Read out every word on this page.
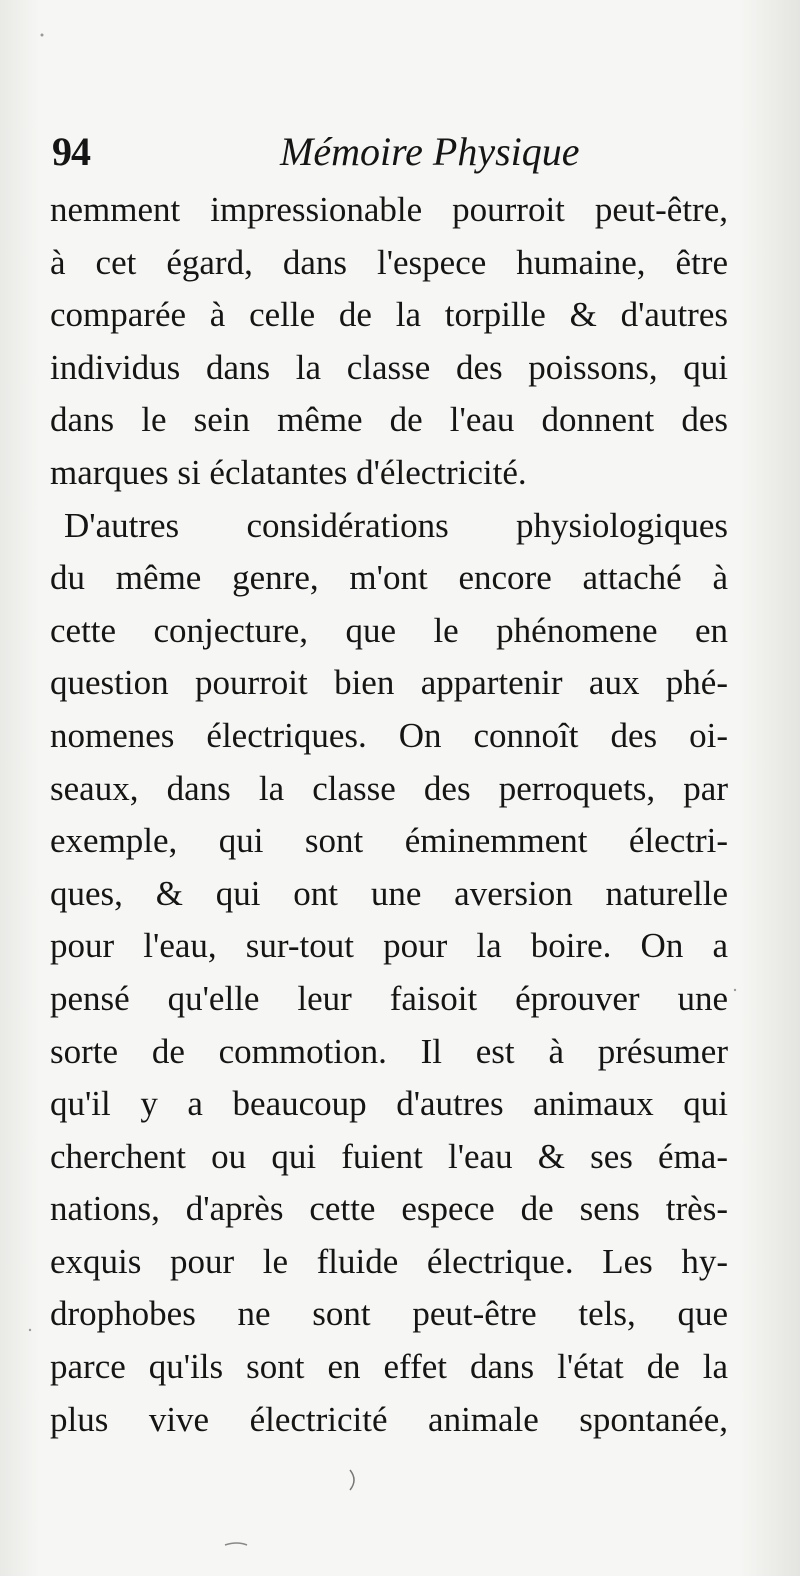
94	Mémoire Physique
nemment impressionable pourroit peut-être,
à cet égard, dans l'espece humaine, être
comparée à celle de la torpille & d'autres
individus dans la classe des poissons, qui
dans le sein même de l'eau donnent des
marques si éclatantes d'électricité.
D'autres considérations physiologiques
du même genre, m'ont encore attaché à
cette conjecture, que le phénomene en
question pourroit bien appartenir aux phé-
nomenes électriques. On connoît des oi-
seaux, dans la classe des perroquets, par
exemple, qui sont éminemment électri-
ques, & qui ont une aversion naturelle
pour l'eau, sur-tout pour la boire. On a
pensé qu'elle leur faisoit éprouver une
sorte de commotion. Il est à présumer
qu'il y a beaucoup d'autres animaux qui
cherchent ou qui fuient l'eau & ses éma-
nations, d'après cette espece de sens très-
exquis pour le fluide électrique. Les hy-
drophobes ne sont peut-être tels, que
parce qu'ils sont en effet dans l'état de la
plus vive électricité animale spontanée,
